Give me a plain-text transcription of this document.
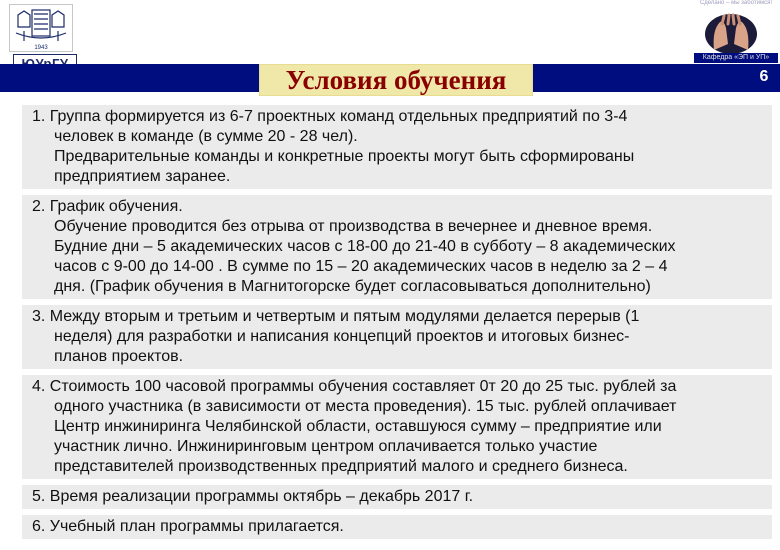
1943
Условия обучения	6
Сделано – мы заботимся!
Кафедра «ЭП и УП»
1. Группа формируется из 6-7 проектных команд отдельных предприятий по 3-4
человек в команде (в сумме 20 - 28 чел).
Предварительные команды и конкретные проекты могут быть сформированы
предприятием заранее.
2. График обучения.
Обучение проводится без отрыва от производства в вечернее и дневное время.
Будние дни – 5 академических часов с 18-00 до 21-40 в субботу – 8 академических
часов с 9-00 до 14-00 . В сумме по 15 – 20 академических часов в неделю за 2 – 4
дня. (График обучения в Магнитогорске будет согласовываться дополнительно)
3. Между вторым и третьим и четвертым и пятым модулями делается перерыв (1
неделя) для разработки и написания концепций проектов и итоговых бизнес-
планов проектов.
4. Стоимость 100 часовой программы обучения составляет 0т 20 до 25 тыс. рублей за
одного участника (в зависимости от места проведения). 15 тыс. рублей оплачивает
Центр инжиниринга Челябинской области, оставшуюся сумму – предприятие или
участник лично. Инжиниринговым центром оплачивается только участие
представителей производственных предприятий малого и среднего бизнеса.
5. Время реализации программы октябрь – декабрь 2017 г.
6. Учебный план программы прилагается.
